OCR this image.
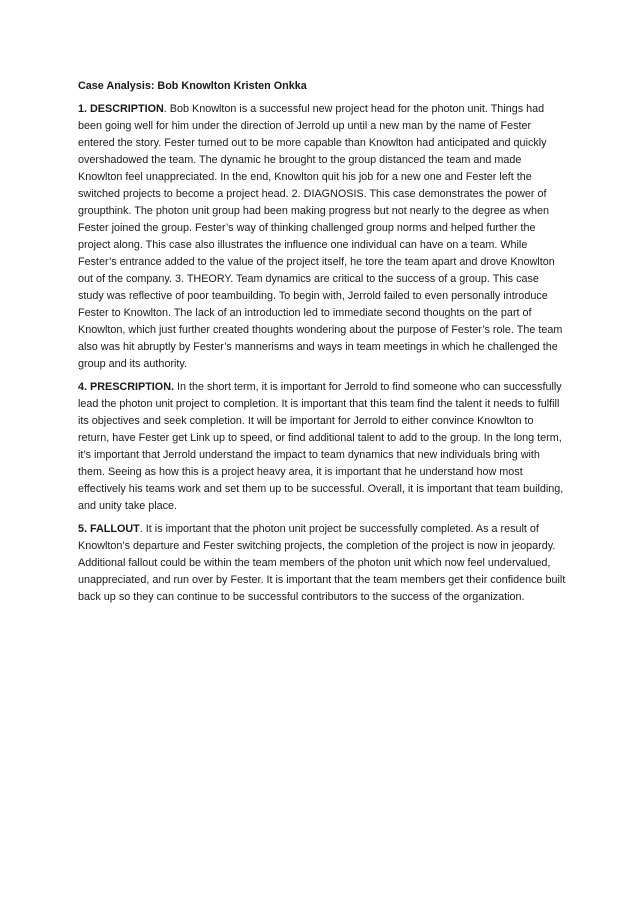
Case Analysis: Bob Knowlton Kristen Onkka

1. DESCRIPTION. Bob Knowlton is a successful new project head for the photon unit. Things had been going well for him under the direction of Jerrold up until a new man by the name of Fester entered the story. Fester turned out to be more capable than Knowlton had anticipated and quickly overshadowed the team. The dynamic he brought to the group distanced the team and made Knowlton feel unappreciated. In the end, Knowlton quit his job for a new one and Fester left the switched projects to become a project head. 2. DIAGNOSIS. This case demonstrates the power of groupthink. The photon unit group had been making progress but not nearly to the degree as when Fester joined the group. Fester’s way of thinking challenged group norms and helped further the project along. This case also illustrates the influence one individual can have on a team. While Fester’s entrance added to the value of the project itself, he tore the team apart and drove Knowlton out of the company. 3. THEORY. Team dynamics are critical to the success of a group. This case study was reflective of poor teambuilding. To begin with, Jerrold failed to even personally introduce Fester to Knowlton. The lack of an introduction led to immediate second thoughts on the part of Knowlton, which just further created thoughts wondering about the purpose of Fester’s role. The team also was hit abruptly by Fester’s mannerisms and ways in team meetings in which he challenged the group and its authority.

4. PRESCRIPTION. In the short term, it is important for Jerrold to find someone who can successfully lead the photon unit project to completion. It is important that this team find the talent it needs to fulfill its objectives and seek completion. It will be important for Jerrold to either convince Knowlton to return, have Fester get Link up to speed, or find additional talent to add to the group. In the long term, it’s important that Jerrold understand the impact to team dynamics that new individuals bring with them. Seeing as how this is a project heavy area, it is important that he understand how most effectively his teams work and set them up to be successful. Overall, it is important that team building, and unity take place.

5. FALLOUT. It is important that the photon unit project be successfully completed. As a result of Knowlton’s departure and Fester switching projects, the completion of the project is now in jeopardy. Additional fallout could be within the team members of the photon unit which now feel undervalued, unappreciated, and run over by Fester. It is important that the team members get their confidence built back up so they can continue to be successful contributors to the success of the organization.
